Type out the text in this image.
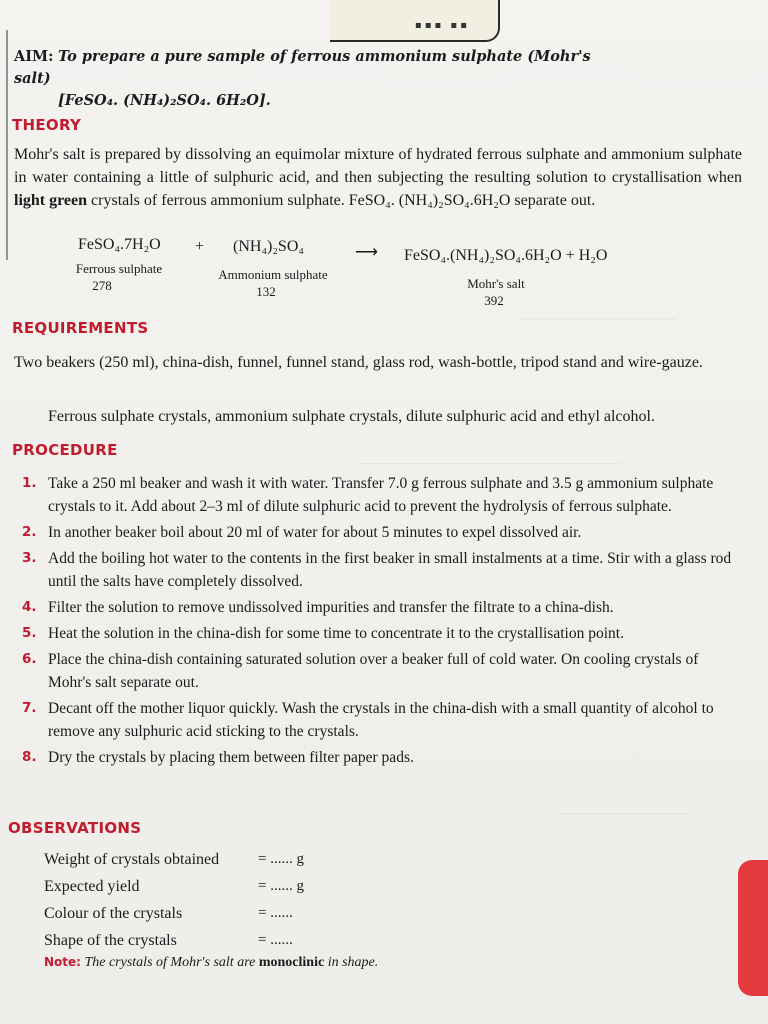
▪▪▪ ▪▪
————————————
————————————————————
——————————
AIM: To prepare a pure sample of ferrous ammonium sulphate (Mohr's salt)
[FeSO₄. (NH₄)₂SO₄. 6H₂O].
THEORY
Mohr's salt is prepared by dissolving an equimolar mixture of hydrated ferrous sulphate and ammonium sulphate in water containing a little of sulphuric acid, and then subjecting the resulting solution to crystallisation when light green crystals of ferrous ammonium sulphate. FeSO₄. (NH₄)₂SO₄.6H₂O separate out.
FeSO₄.7H₂O + (NH₄)₂SO₄	⟶ FeSO₄.(NH₄)₂SO₄.6H₂O + H₂O
Ferrous sulphate
278
Ammonium sulphate
132
Mohr's salt
392
REQUIREMENTS
Two beakers (250 ml), china-dish, funnel, funnel stand, glass rod, wash-bottle, tripod stand and wire-gauze.
Ferrous sulphate crystals, ammonium sulphate crystals, dilute sulphuric acid and ethyl alcohol.
PROCEDURE
1. Take a 250 ml beaker and wash it with water. Transfer 7.0 g ferrous sulphate and 3.5 g ammonium sulphate crystals to it. Add about 2–3 ml of dilute sulphuric acid to prevent the hydrolysis of ferrous sulphate.
2. In another beaker boil about 20 ml of water for about 5 minutes to expel dissolved air.
3. Add the boiling hot water to the contents in the first beaker in small instalments at a time. Stir with a glass rod until the salts have completely dissolved.
4. Filter the solution to remove undissolved impurities and transfer the filtrate to a china-dish.
5. Heat the solution in the china-dish for some time to concentrate it to the crystallisation point.
6. Place the china-dish containing saturated solution over a beaker full of cold water. On cooling crystals of Mohr's salt separate out.
7. Decant off the mother liquor quickly. Wash the crystals in the china-dish with a small quantity of alcohol to remove any sulphuric acid sticking to the crystals.
8. Dry the crystals by placing them between filter paper pads.
OBSERVATIONS
Weight of crystals obtained	= ...... g
Expected yield	= ...... g
Colour of the crystals	= ......
Shape of the crystals	= ......
Note: The crystals of Mohr's salt are monoclinic in shape.
